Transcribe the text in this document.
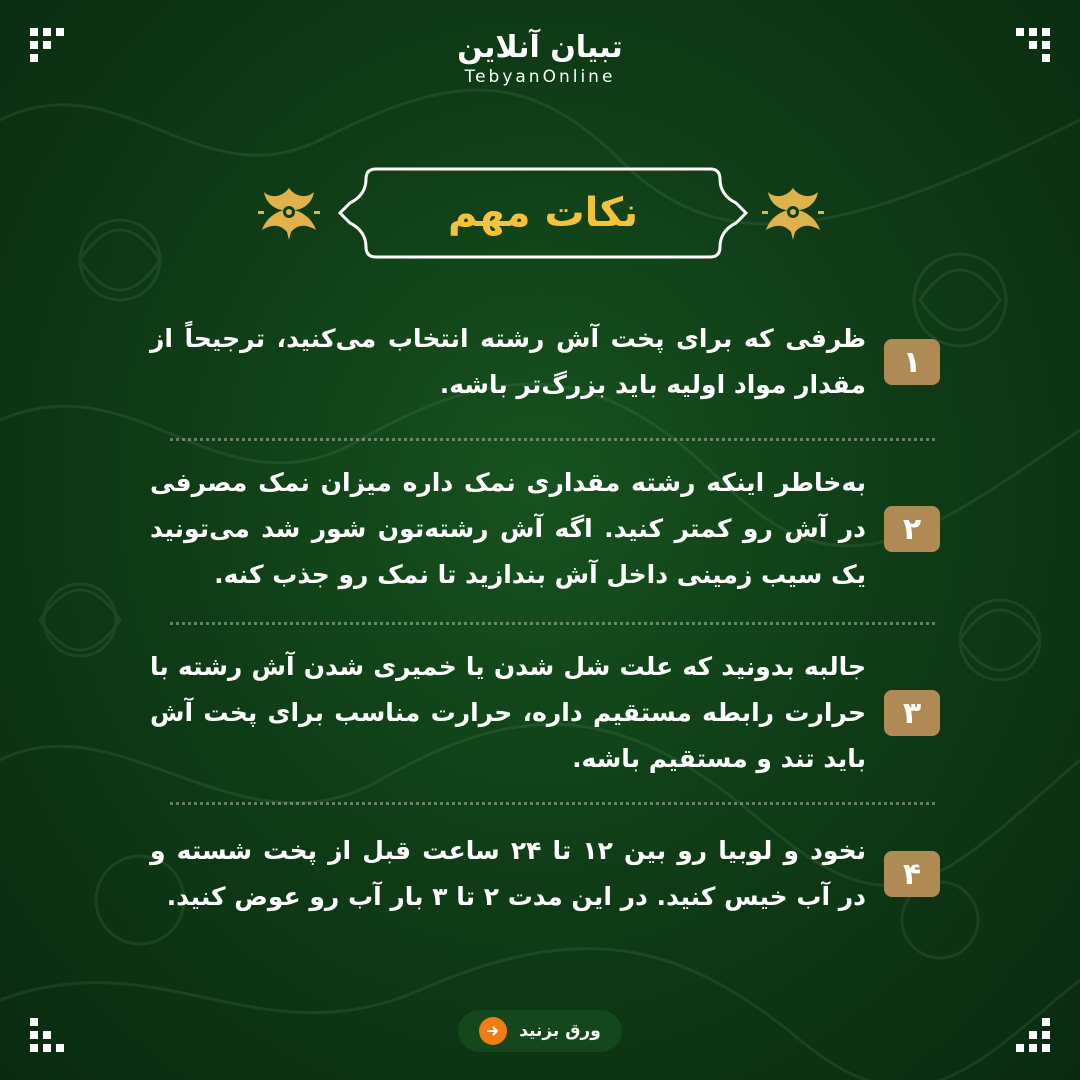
تبیان آنلاین
TebyanOnline
نکات مهم
۱
ظرفی که برای پخت آش رشته انتخاب می‌کنید، ترجیحاً از مقدار مواد اولیه باید بزرگ‌تر باشه.
۲
به‌خاطر اینکه رشته مقداری نمک داره میزان نمک مصرفی در آش رو کمتر کنید. اگه آش رشته‌تون شور شد می‌تونید یک سیب زمینی داخل آش بندازید تا نمک رو جذب کنه.
۳
جالبه بدونید که علت شل شدن یا خمیری شدن آش رشته با حرارت رابطه مستقیم داره، حرارت مناسب برای پخت آش باید تند و مستقیم باشه.
۴
نخود و لوبیا رو بین ۱۲ تا ۲۴ ساعت قبل از پخت شسته و در آب خیس کنید. در این مدت ۲ تا ۳ بار آب رو عوض کنید.
ورق بزنید
